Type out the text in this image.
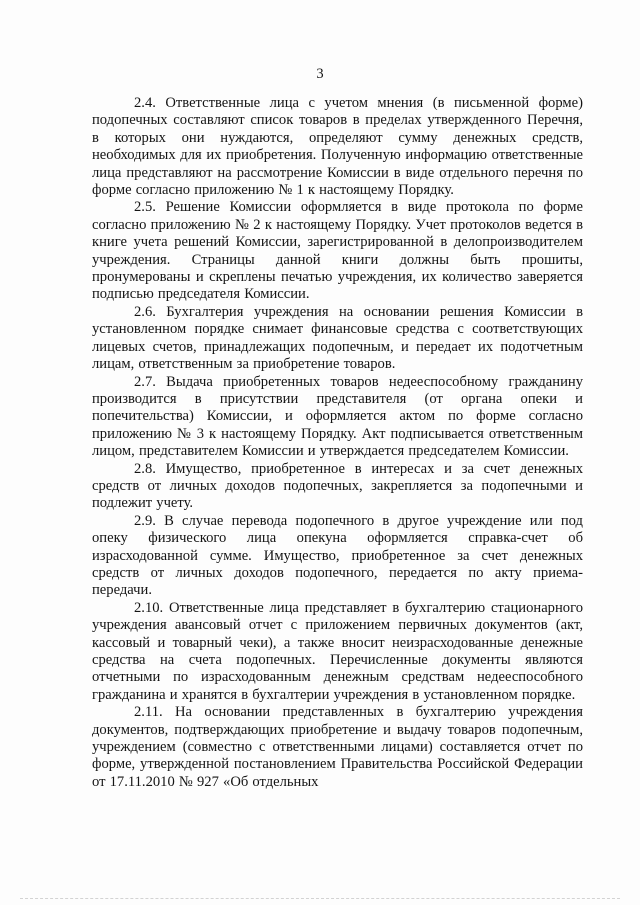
3

2.4. Ответственные лица с учетом мнения (в письменной форме) подопечных составляют список товаров в пределах утвержденного Перечня, в которых они нуждаются, определяют сумму денежных средств, необходимых для их приобретения. Полученную информацию ответственные лица представляют на рассмотрение Комиссии в виде отдельного перечня по форме согласно приложению № 1 к настоящему Порядку.

2.5. Решение Комиссии оформляется в виде протокола по форме согласно приложению № 2 к настоящему Порядку. Учет протоколов ведется в книге учета решений Комиссии, зарегистрированной в делопроизводителем учреждения. Страницы данной книги должны быть прошиты, пронумерованы и скреплены печатью учреждения, их количество заверяется подписью председателя Комиссии.

2.6. Бухгалтерия учреждения на основании решения Комиссии в установленном порядке снимает финансовые средства с соответствующих лицевых счетов, принадлежащих подопечным, и передает их подотчетным лицам, ответственным за приобретение товаров.

2.7. Выдача приобретенных товаров недееспособному гражданину производится в присутствии представителя (от органа опеки и попечительства) Комиссии, и оформляется актом по форме согласно приложению № 3 к настоящему Порядку. Акт подписывается ответственным лицом, представителем Комиссии и утверждается председателем Комиссии.

2.8. Имущество, приобретенное в интересах и за счет денежных средств от личных доходов подопечных, закрепляется за подопечными и подлежит учету.

2.9. В случае перевода подопечного в другое учреждение или под опеку физического лица опекуна оформляется справка-счет об израсходованной сумме. Имущество, приобретенное за счет денежных средств от личных доходов подопечного, передается по акту приема-передачи.

2.10. Ответственные лица представляет в бухгалтерию стационарного учреждения авансовый отчет с приложением первичных документов (акт, кассовый и товарный чеки), а также вносит неизрасходованные денежные средства на счета подопечных. Перечисленные документы являются отчетными по израсходованным денежным средствам недееспособного гражданина и хранятся в бухгалтерии учреждения в установленном порядке.

2.11. На основании представленных в бухгалтерию учреждения документов, подтверждающих приобретение и выдачу товаров подопечным, учреждением (совместно с ответственными лицами) составляется отчет по форме, утвержденной постановлением Правительства Российской Федерации от 17.11.2010 № 927 «Об отдельных
